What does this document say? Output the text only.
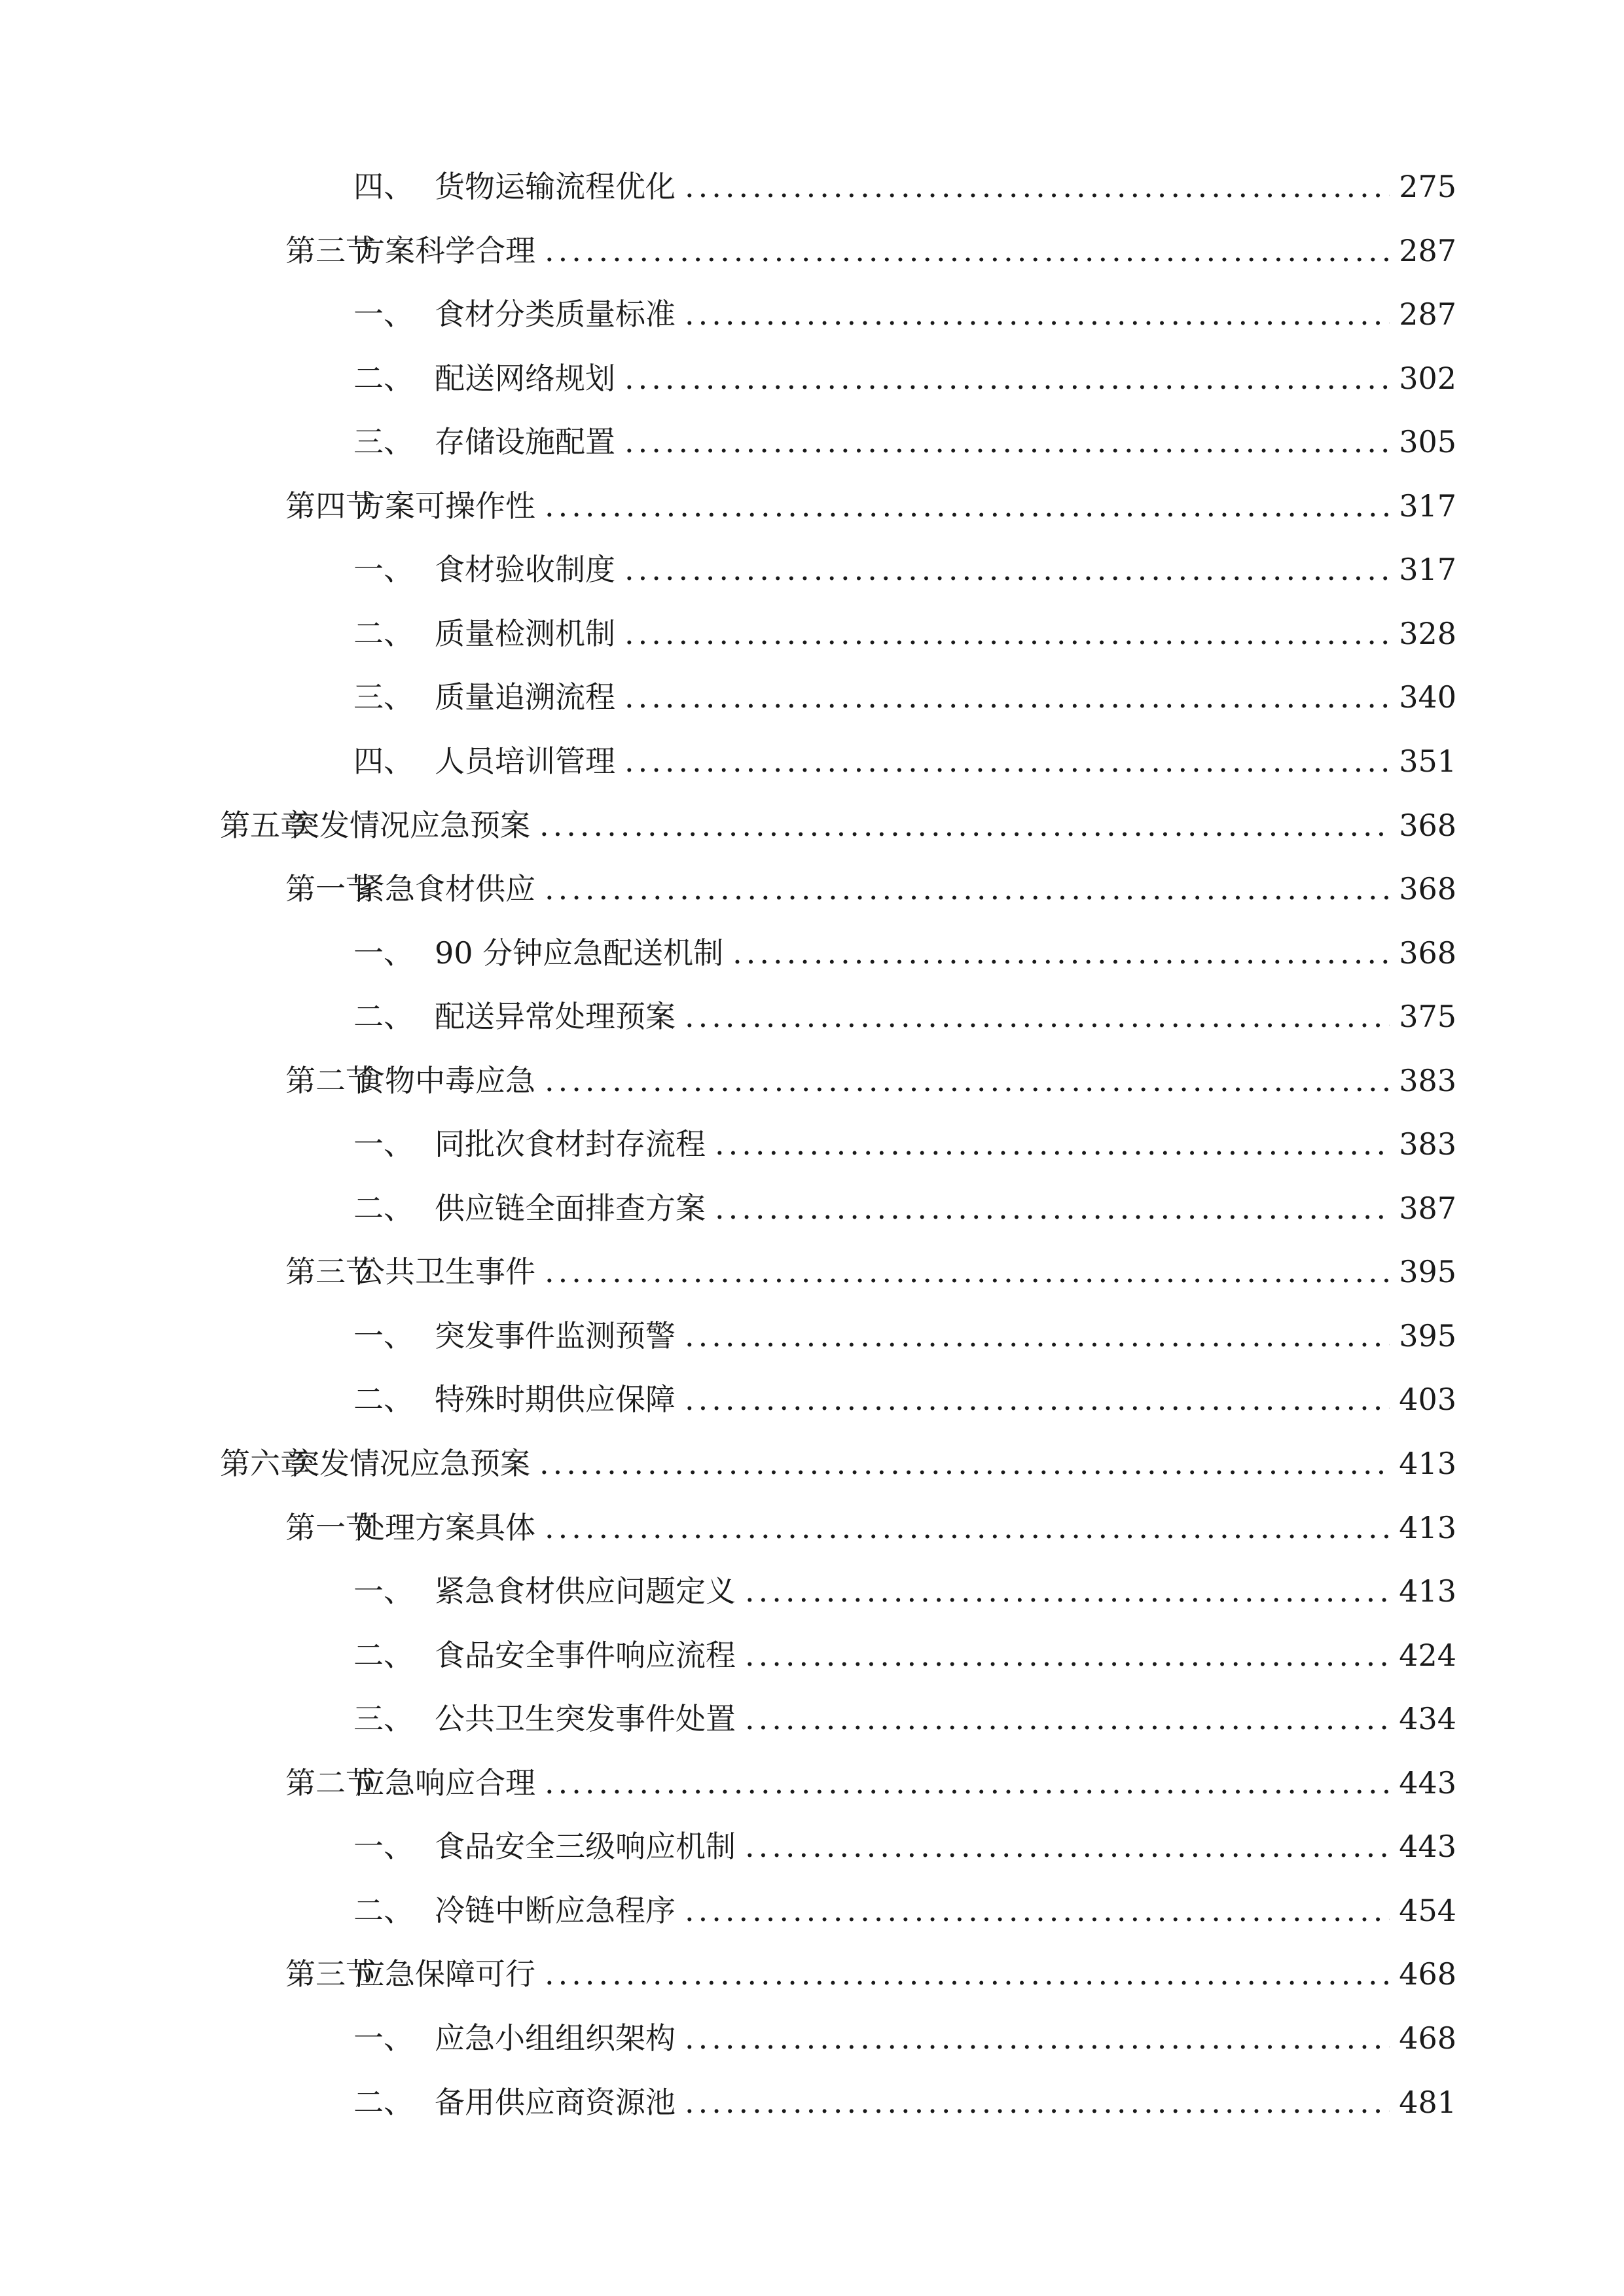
四、 货物运输流程优化 .....	275
第三节方案科学合理 .....	287
一、 食材分类质量标准 .....	287
二、 配送网络规划 .....	302
三、 存储设施配置 .....	305
第四节方案可操作性 .....	317
一、 食材验收制度 .....	317
二、 质量检测机制 .....	328
三、 质量追溯流程 .....	340
四、 人员培训管理 .....	351
第五章突发情况应急预案 .....	368
第一节紧急食材供应 .....	368
一、 90 分钟应急配送机制 .....	368
二、 配送异常处理预案 .....	375
第二节食物中毒应急 .....	383
一、 同批次食材封存流程 .....	383
二、 供应链全面排查方案 .....	387
第三节公共卫生事件 .....	395
一、 突发事件监测预警 .....	395
二、 特殊时期供应保障 .....	403
第六章突发情况应急预案 .....	413
第一节处理方案具体 .....	413
一、 紧急食材供应问题定义 .....	413
二、 食品安全事件响应流程 .....	424
三、 公共卫生突发事件处置 .....	434
第二节应急响应合理 .....	443
一、 食品安全三级响应机制 .....	443
二、 冷链中断应急程序 .....	454
第三节应急保障可行 .....	468
一、 应急小组组织架构 .....	468
二、 备用供应商资源池 .....	481
